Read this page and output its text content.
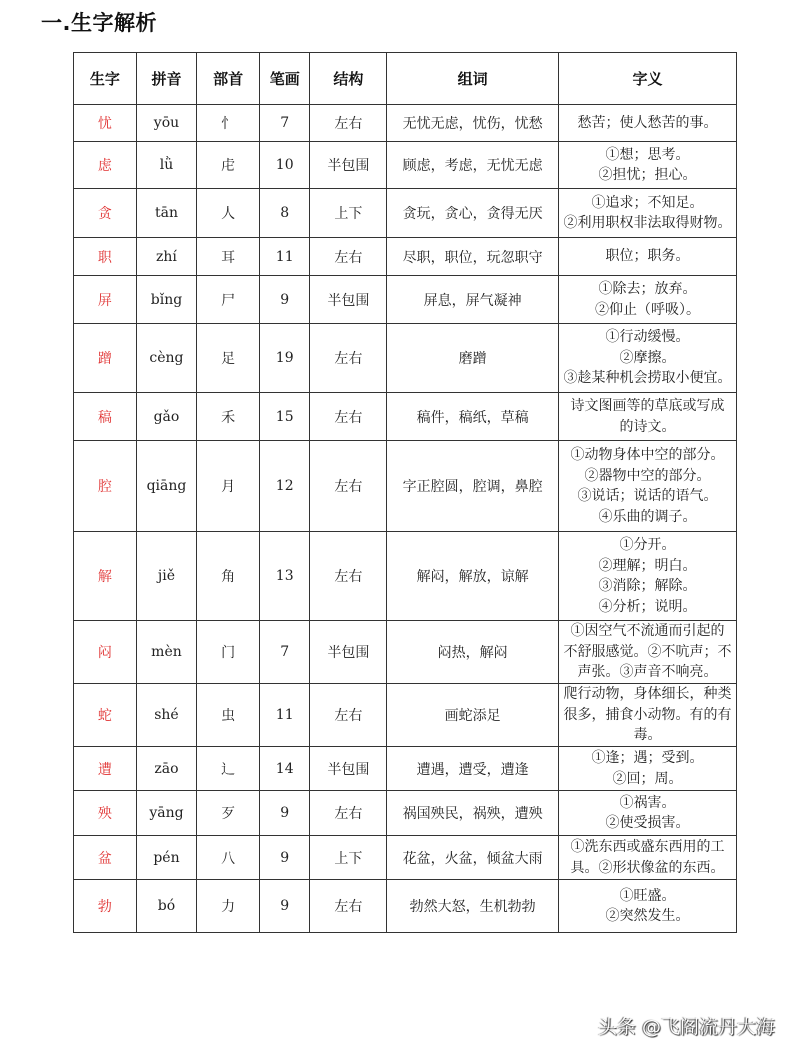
一.生字解析
生字	拼音	部首	笔画	结构	组词	字义
忧	yōu	忄	7	左右	无忧无虑，忧伤，忧愁	愁苦；使人愁苦的事。

虑	lǜ	虍	10	半包围	顾虑，考虑，无忧无虑	①想；思考。
②担忧；担心。

贪	tān	人	8	上下	贪玩，贪心，贪得无厌	①追求；不知足。
②利用职权非法取得财物。

职	zhí	耳	11	左右	尽职，职位，玩忽职守	职位；职务。

屏	bǐng	尸	9	半包围	屏息，屏气凝神	①除去；放弃。
②仰止（呼吸）。

蹭	cèng	足	19	左右	磨蹭	①行动缓慢。
②摩擦。
③趁某种机会捞取小便宜。

稿	gǎo	禾	15	左右	稿件，稿纸，草稿	诗文图画等的草底或写成
的诗文。

腔	qiāng	月	12	左右	字正腔圆，腔调，鼻腔	①动物身体中空的部分。
②器物中空的部分。
③说话；说话的语气。
④乐曲的调子。

解	jiě	角	13	左右	解闷，解放，谅解	①分开。
②理解；明白。
③消除；解除。
④分析；说明。

闷	mèn	门	7	半包围	闷热，解闷	①因空气不流通而引起的
不舒服感觉。②不吭声；不
声张。③声音不响亮。

蛇	shé	虫	11	左右	画蛇添足	爬行动物，身体细长，种类
很多，捕食小动物。有的有
毒。

遭	zāo	辶	14	半包围	遭遇，遭受，遭逢	①逢；遇；受到。
②回；周。

殃	yāng	歹	9	左右	祸国殃民，祸殃，遭殃	①祸害。
②使受损害。

盆	pén	八	9	上下	花盆，火盆，倾盆大雨	①洗东西或盛东西用的工
具。②形状像盆的东西。

勃	bó	力	9	左右	勃然大怒，生机勃勃	①旺盛。
②突然发生。
头条 @飞阁流丹大海
